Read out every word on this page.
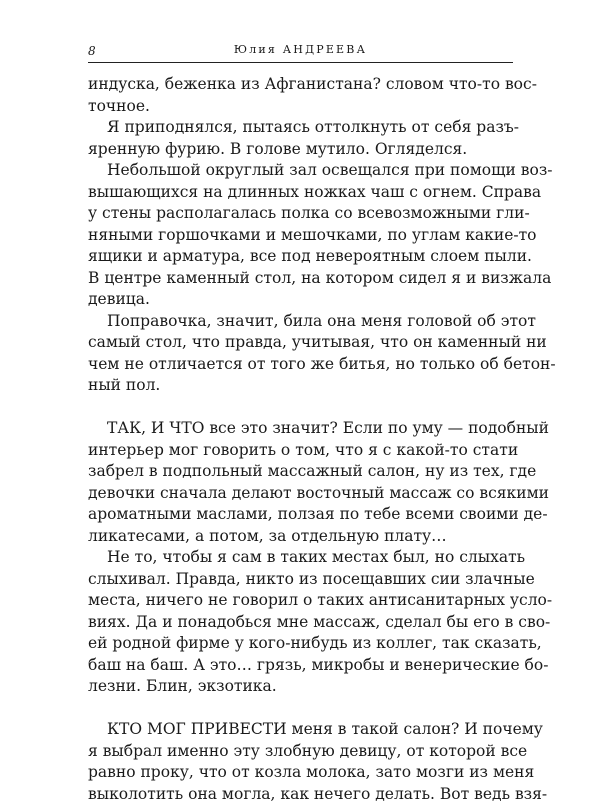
8	Юлия АНДРЕЕВА
индуска, беженка из Афганистана? словом что-то вос-
точное.
Я приподнялся, пытаясь оттолкнуть от себя разъ-
яренную фурию. В голове мутило. Огляделся.
Небольшой округлый зал освещался при помощи воз-
вышающихся на длинных ножках чаш с огнем. Справа
у стены располагалась полка со всевозможными гли-
няными горшочками и мешочками, по углам какие-то
ящики и арматура, все под невероятным слоем пыли.
В центре каменный стол, на котором сидел я и визжала
девица.
Поправочка, значит, била она меня головой об этот
самый стол, что правда, учитывая, что он каменный ни
чем не отличается от того же битья, но только об бетон-
ный пол.
ТАК, И ЧТО все это значит? Если по уму — подобный
интерьер мог говорить о том, что я с какой-то стати
забрел в подпольный массажный салон, ну из тех, где
девочки сначала делают восточный массаж со всякими
ароматными маслами, ползая по тебе всеми своими де-
ликатесами, а потом, за отдельную плату…
Не то, чтобы я сам в таких местах был, но слыхать
слыхивал. Правда, никто из посещавших сии злачные
места, ничего не говорил о таких антисанитарных усло-
виях. Да и понадобься мне массаж, сделал бы его в сво-
ей родной фирме у кого-нибудь из коллег, так сказать,
баш на баш. А это… грязь, микробы и венерические бо-
лезни. Блин, экзотика.
КТО МОГ ПРИВЕСТИ меня в такой салон? И почему
я выбрал именно эту злобную девицу, от которой все
равно проку, что от козла молока, зато мозги из меня
выколотить она могла, как нечего делать. Вот ведь взя-
